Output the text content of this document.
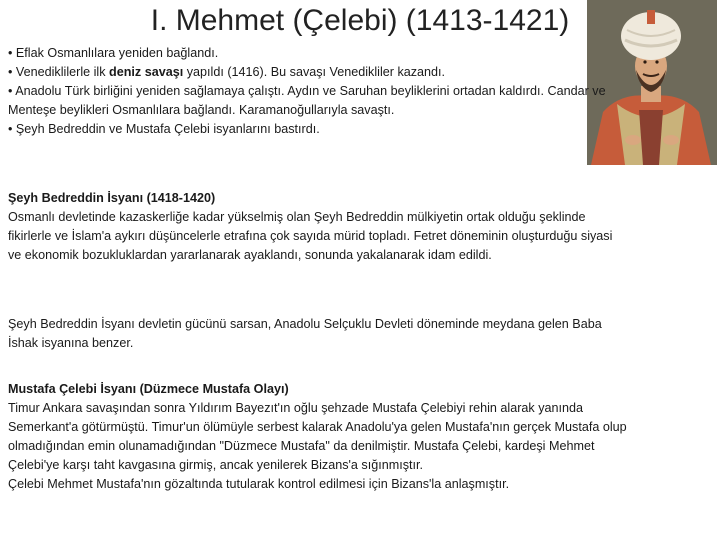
I. Mehmet (Çelebi) (1413-1421)

• Eflak Osmanlılara yeniden bağlandı.

• Venediklilerle ilk deniz savaşı yapıldı (1416). Bu savaşı Venedikliler kazandı.

• Anadolu Türk birliğini yeniden sağlamaya çalıştı. Aydın ve Saruhan beyliklerini ortadan kaldırdı. Candar ve Menteşe beylikleri Osmanlılara bağlandı. Karamanoğullarıyla savaştı.

• Şeyh Bedreddin ve Mustafa Çelebi isyanlarını bastırdı.

Şeyh Bedreddin İsyanı (1418-1420)

Osmanlı devletinde kazaskerliğe kadar yükselmiş olan Şeyh Bedreddin mülkiyetin ortak olduğu şeklinde fikirlerle ve İslam'a aykırı düşüncelerle etrafına çok sayıda mürid topladı. Fetret döneminin oluşturduğu siyasi ve ekonomik bozukluklardan yararlanarak ayaklandı, sonunda yakalanarak idam edildi.

Şeyh Bedreddin İsyanı devletin gücünü sarsan, Anadolu Selçuklu Devleti döneminde meydana gelen Baba İshak isyanına benzer.

Mustafa Çelebi İsyanı (Düzmece Mustafa Olayı)

Timur Ankara savaşından sonra Yıldırım Bayezıt'ın oğlu şehzade Mustafa Çelebiyi rehin alarak yanında Semerkant'a götürmüştü. Timur'un ölümüyle serbest kalarak Anadolu'ya gelen Mustafa'nın gerçek Mustafa olup olmadığından emin olunamadığından "Düzmece Mustafa" da denilmiştir. Mustafa Çelebi, kardeşi Mehmet Çelebi'ye karşı taht kavgasına girmiş, ancak yenilerek Bizans'a sığınmıştır.

Çelebi Mehmet Mustafa'nın gözaltında tutularak kontrol edilmesi için Bizans'la anlaşmıştır.
